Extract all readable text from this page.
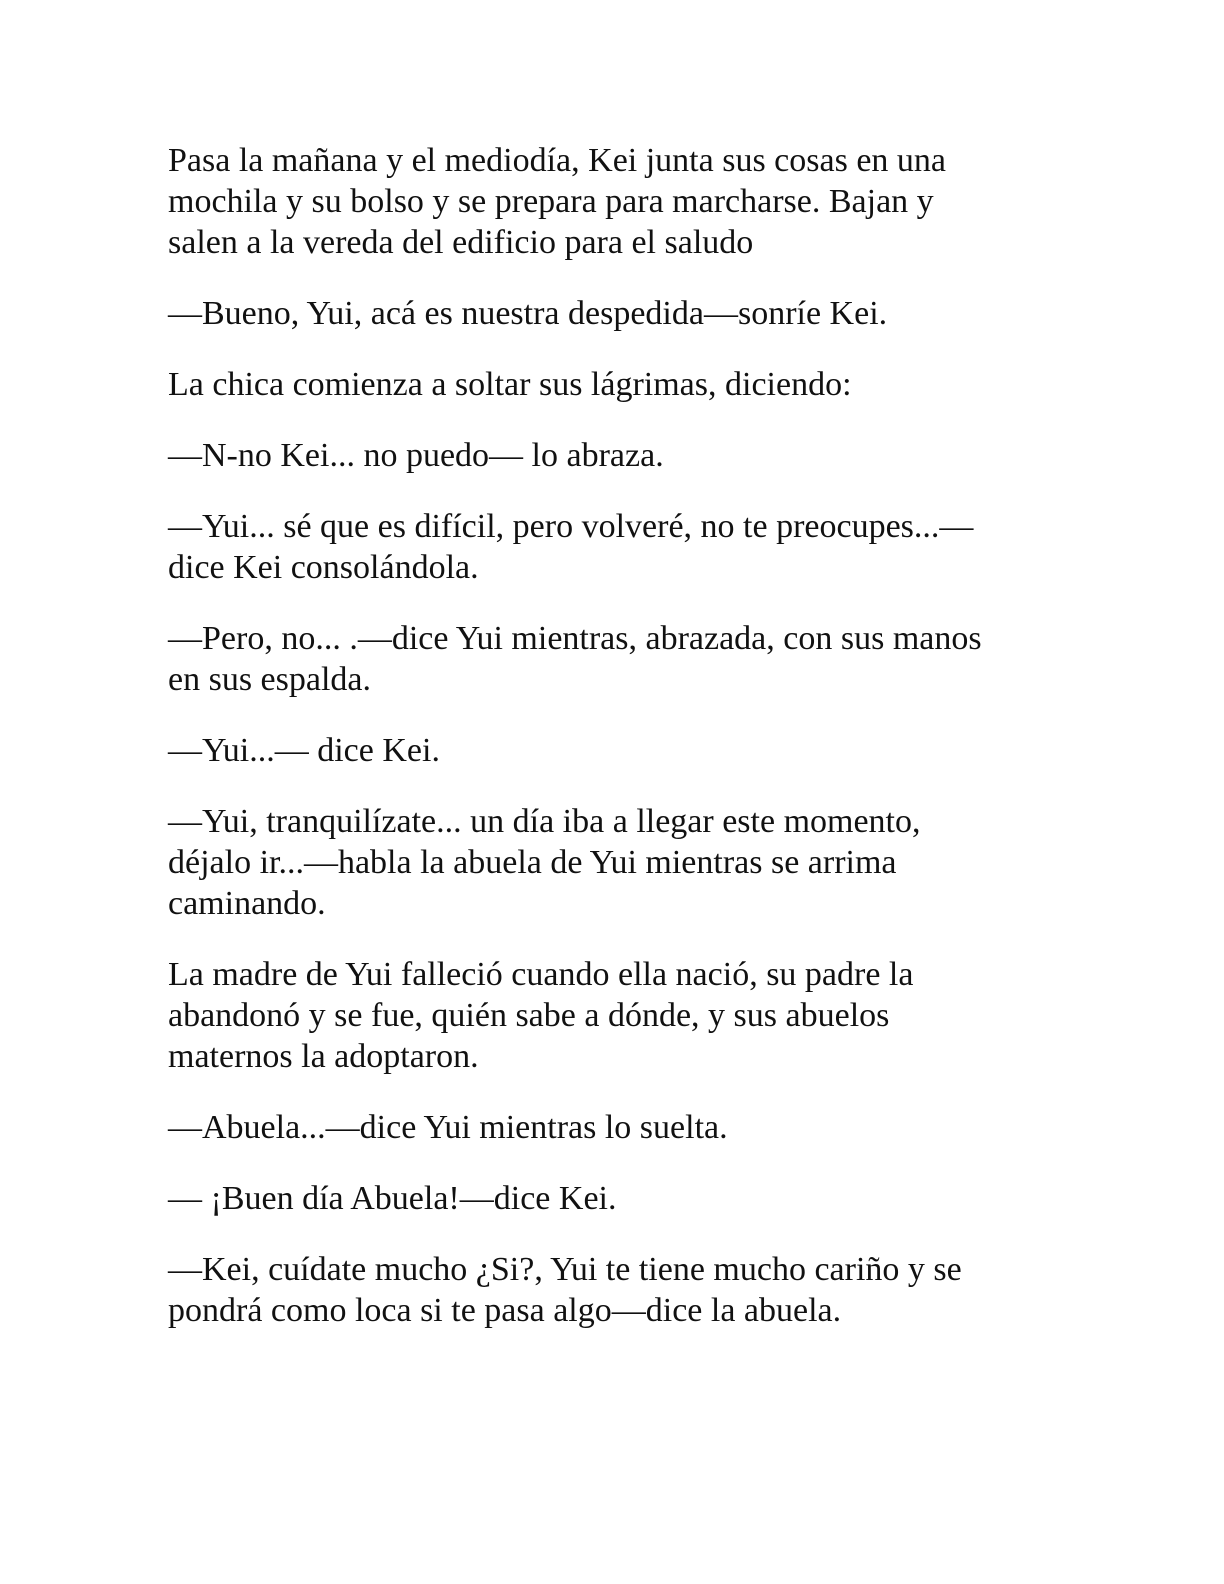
Pasa la mañana y el mediodía, Kei junta sus cosas en una
mochila y su bolso y se prepara para marcharse. Bajan y
salen a la vereda del edificio para el saludo

—Bueno, Yui, acá es nuestra despedida—sonríe Kei.

La chica comienza a soltar sus lágrimas, diciendo:

—N-no Kei... no puedo— lo abraza.

—Yui... sé que es difícil, pero volveré, no te preocupes...—
dice Kei consolándola.

—Pero, no... .—dice Yui mientras, abrazada, con sus manos
en sus espalda.

—Yui...— dice Kei.

—Yui, tranquilízate... un día iba a llegar este momento,
déjalo ir...—habla la abuela de Yui mientras se arrima
caminando.

La madre de Yui falleció cuando ella nació, su padre la
abandonó y se fue, quién sabe a dónde, y sus abuelos
maternos la adoptaron.

—Abuela...—dice Yui mientras lo suelta.

— ¡Buen día Abuela!—dice Kei.

—Kei, cuídate mucho ¿Si?, Yui te tiene mucho cariño y se
pondrá como loca si te pasa algo—dice la abuela.
